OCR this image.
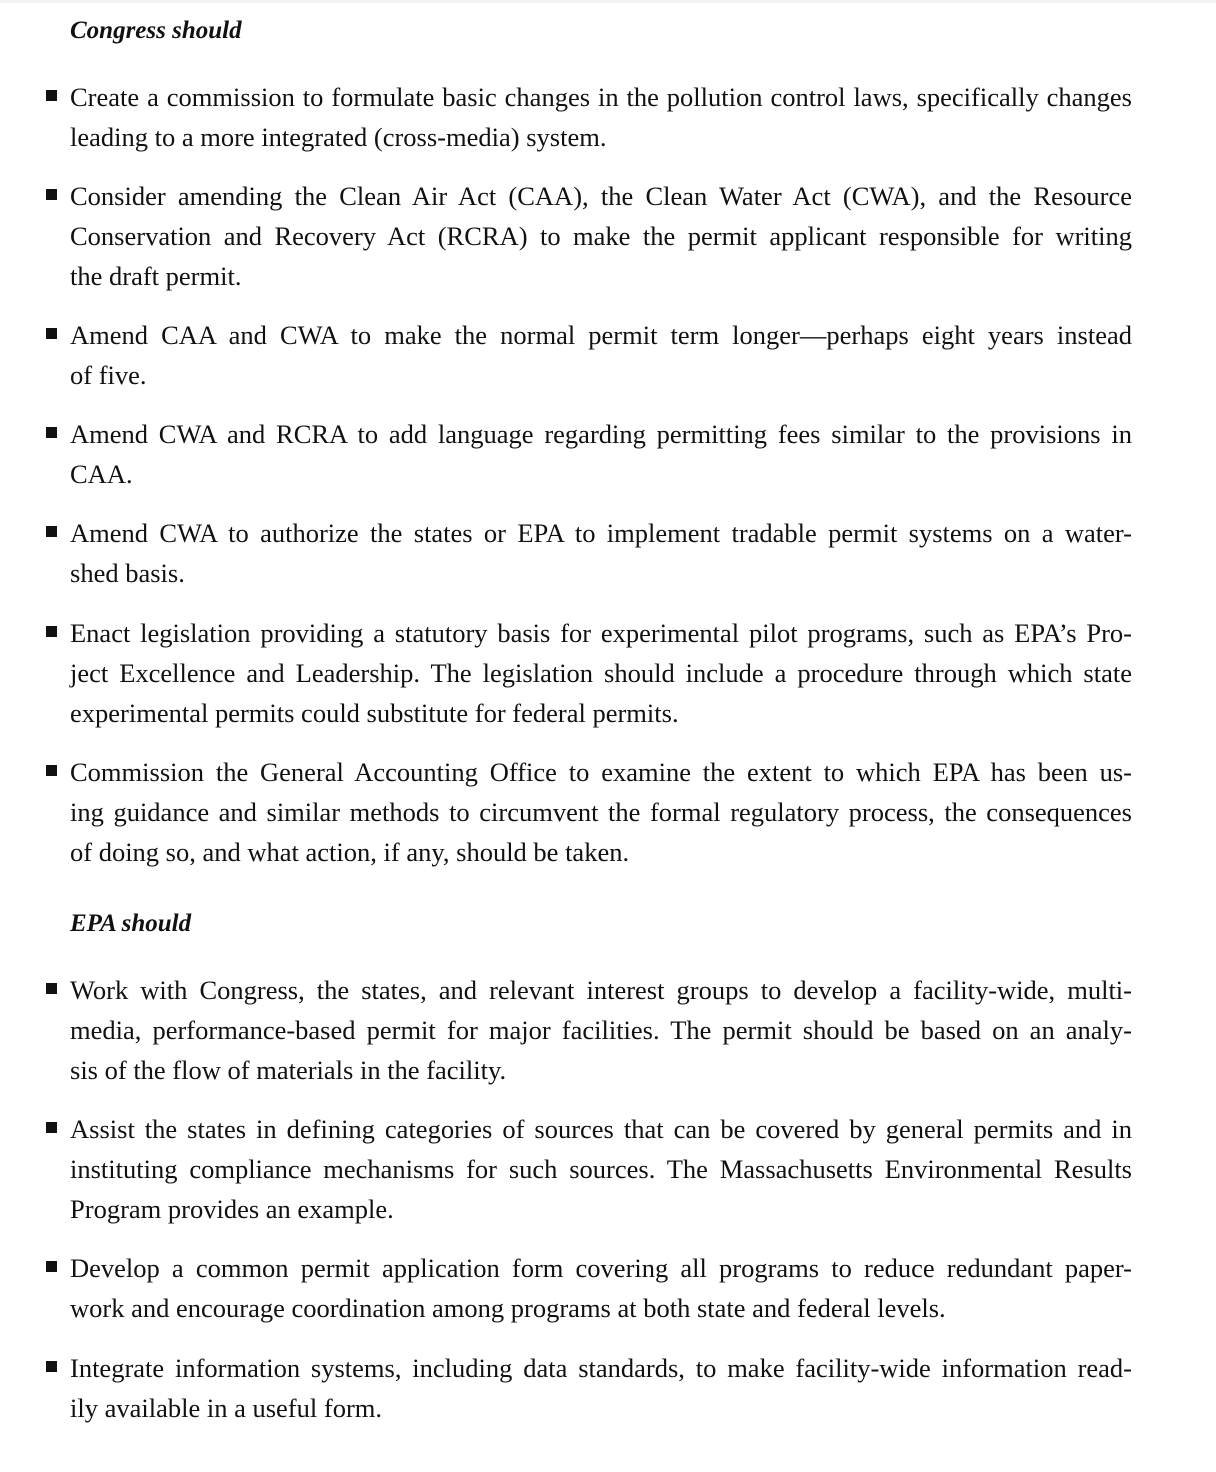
Congress should
Create a commission to formulate basic changes in the pollution control laws, specifically changes
leading to a more integrated (cross-media) system.
Consider amending the Clean Air Act (CAA), the Clean Water Act (CWA), and the Resource
Conservation and Recovery Act (RCRA) to make the permit applicant responsible for writing
the draft permit.
Amend CAA and CWA to make the normal permit term longer—perhaps eight years instead
of five.
Amend CWA and RCRA to add language regarding permitting fees similar to the provisions in
CAA.
Amend CWA to authorize the states or EPA to implement tradable permit systems on a water-
shed basis.
Enact legislation providing a statutory basis for experimental pilot programs, such as EPA’s Pro-
ject Excellence and Leadership. The legislation should include a procedure through which state
experimental permits could substitute for federal permits.
Commission the General Accounting Office to examine the extent to which EPA has been us-
ing guidance and similar methods to circumvent the formal regulatory process, the consequences
of doing so, and what action, if any, should be taken.
EPA should
Work with Congress, the states, and relevant interest groups to develop a facility-wide, multi-
media, performance-based permit for major facilities. The permit should be based on an analy-
sis of the flow of materials in the facility.
Assist the states in defining categories of sources that can be covered by general permits and in
instituting compliance mechanisms for such sources. The Massachusetts Environmental Results
Program provides an example.
Develop a common permit application form covering all programs to reduce redundant paper-
work and encourage coordination among programs at both state and federal levels.
Integrate information systems, including data standards, to make facility-wide information read-
ily available in a useful form.
